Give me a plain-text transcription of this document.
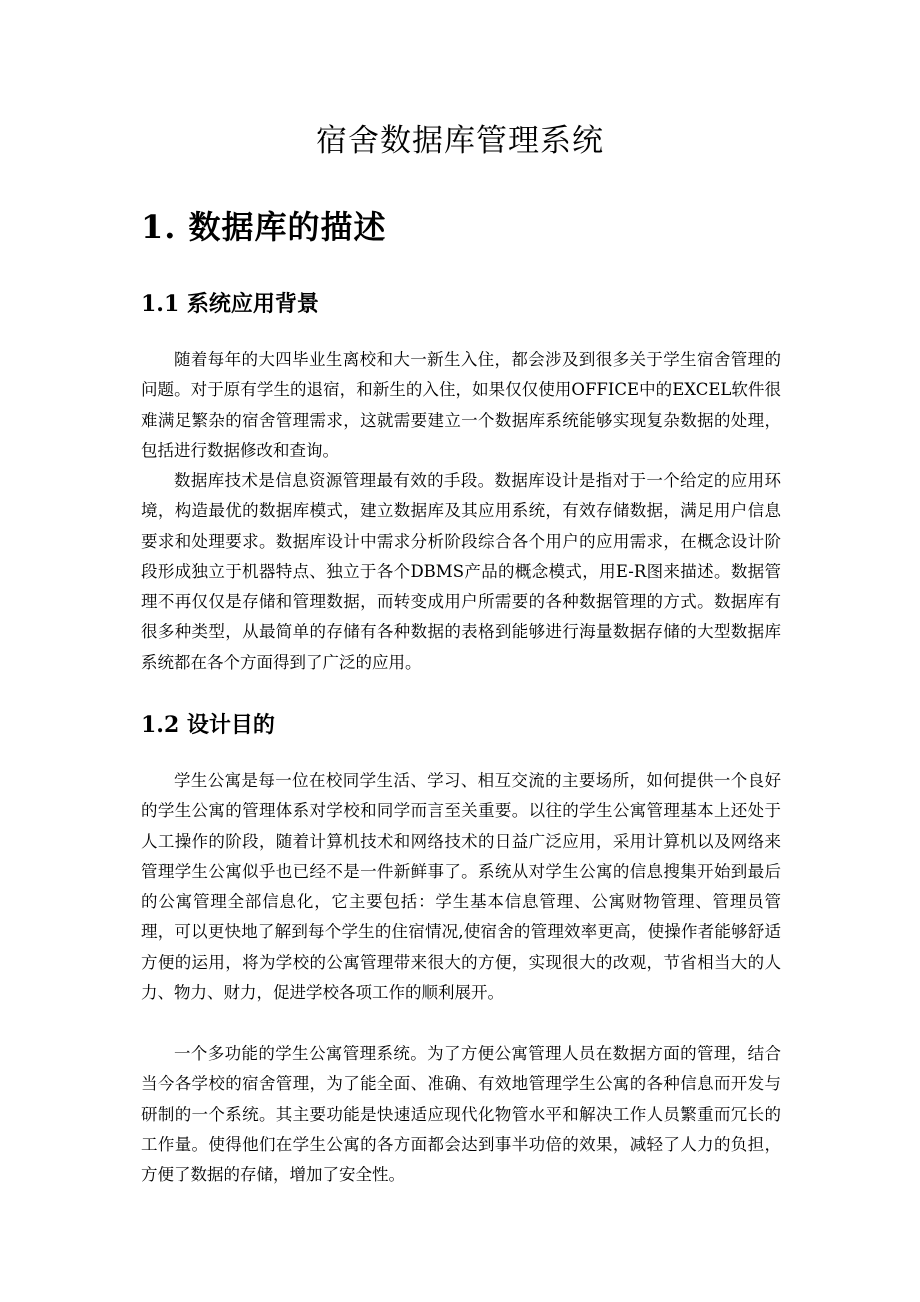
宿舍数据库管理系统
1. 数据库的描述
1.1 系统应用背景

随着每年的大四毕业生离校和大一新生入住，都会涉及到很多关于学生宿舍管理的问题。对于原有学生的退宿，和新生的入住，如果仅仅使用OFFICE中的EXCEL软件很难满足繁杂的宿舍管理需求，这就需要建立一个数据库系统能够实现复杂数据的处理，包括进行数据修改和查询。

数据库技术是信息资源管理最有效的手段。数据库设计是指对于一个给定的应用环境，构造最优的数据库模式，建立数据库及其应用系统，有效存储数据，满足用户信息要求和处理要求。数据库设计中需求分析阶段综合各个用户的应用需求，在概念设计阶段形成独立于机器特点、独立于各个DBMS产品的概念模式，用E-R图来描述。数据管理不再仅仅是存储和管理数据，而转变成用户所需要的各种数据管理的方式。数据库有很多种类型，从最简单的存储有各种数据的表格到能够进行海量数据存储的大型数据库系统都在各个方面得到了广泛的应用。

1.2 设计目的

学生公寓是每一位在校同学生活、学习、相互交流的主要场所，如何提供一个良好的学生公寓的管理体系对学校和同学而言至关重要。以往的学生公寓管理基本上还处于人工操作的阶段，随着计算机技术和网络技术的日益广泛应用，采用计算机以及网络来管理学生公寓似乎也已经不是一件新鲜事了。系统从对学生公寓的信息搜集开始到最后的公寓管理全部信息化，它主要包括：学生基本信息管理、公寓财物管理、管理员管理，可以更快地了解到每个学生的住宿情况,使宿舍的管理效率更高，使操作者能够舒适方便的运用，将为学校的公寓管理带来很大的方便，实现很大的改观，节省相当大的人力、物力、财力，促进学校各项工作的顺利展开。

一个多功能的学生公寓管理系统。为了方便公寓管理人员在数据方面的管理，结合当今各学校的宿舍管理，为了能全面、准确、有效地管理学生公寓的各种信息而开发与研制的一个系统。其主要功能是快速适应现代化物管水平和解决工作人员繁重而冗长的工作量。使得他们在学生公寓的各方面都会达到事半功倍的效果，减轻了人力的负担，方便了数据的存储，增加了安全性。
